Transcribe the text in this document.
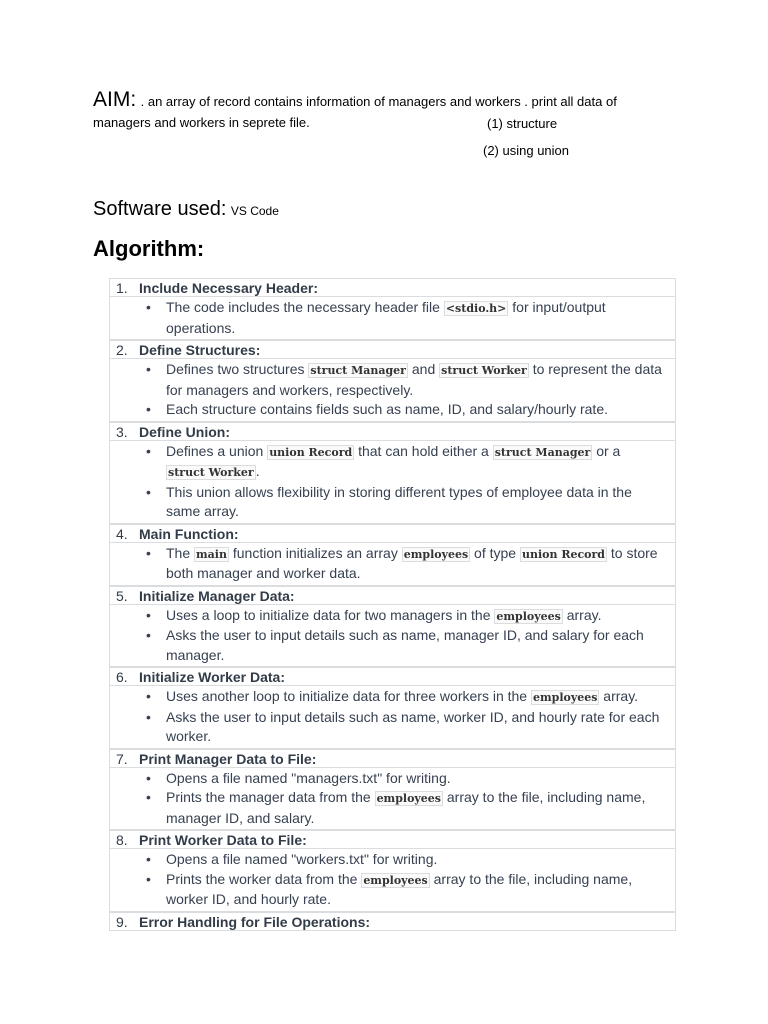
AIM: . an array of record contains information of managers and workers . print all data of managers and workers in seprete file.	(1) structure
(2) using union
Software used: VS Code
Algorithm:
1. Include Necessary Header:
• The code includes the necessary header file <stdio.h> for input/output operations.
2. Define Structures:
• Defines two structures struct Manager and struct Worker to represent the data for managers and workers, respectively.
• Each structure contains fields such as name, ID, and salary/hourly rate.
3. Define Union:
• Defines a union union Record that can hold either a struct Manager or a struct Worker .
• This union allows flexibility in storing different types of employee data in the same array.
4. Main Function:
• The main function initializes an array employees of type union Record to store both manager and worker data.
5. Initialize Manager Data:
• Uses a loop to initialize data for two managers in the employees array.
• Asks the user to input details such as name, manager ID, and salary for each manager.
6. Initialize Worker Data:
• Uses another loop to initialize data for three workers in the employees array.
• Asks the user to input details such as name, worker ID, and hourly rate for each worker.
7. Print Manager Data to File:
• Opens a file named "managers.txt" for writing.
• Prints the manager data from the employees array to the file, including name, manager ID, and salary.
8. Print Worker Data to File:
• Opens a file named "workers.txt" for writing.
• Prints the worker data from the employees array to the file, including name, worker ID, and hourly rate.
9. Error Handling for File Operations:
